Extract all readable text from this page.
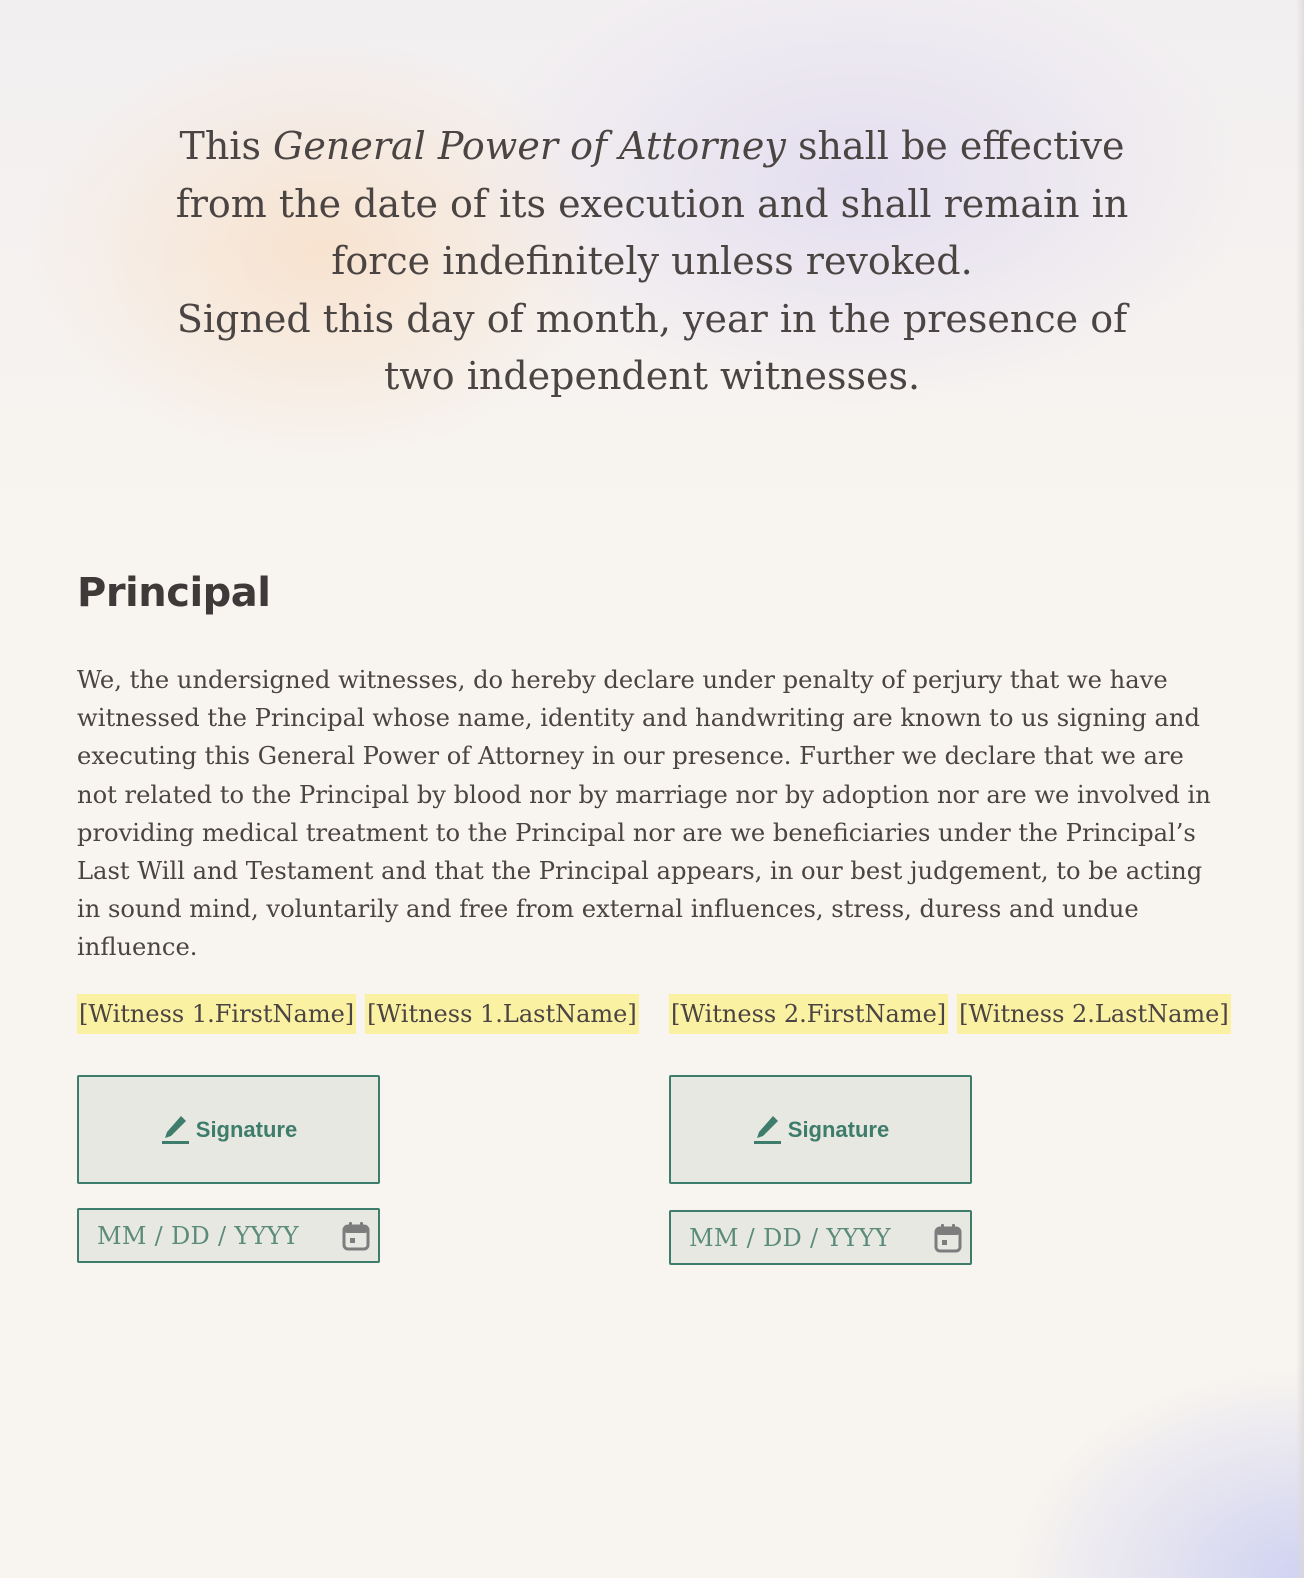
This General Power of Attorney shall be effective from the date of its execution and shall remain in force indefinitely unless revoked.

Signed this day of month, year in the presence of two independent witnesses.

Principal

We, the undersigned witnesses, do hereby declare under penalty of perjury that we have witnessed the Principal whose name, identity and handwriting are known to us signing and executing this General Power of Attorney in our presence. Further we declare that we are not related to the Principal by blood nor by marriage nor by adoption nor are we involved in providing medical treatment to the Principal nor are we beneficiaries under the Principal’s Last Will and Testament and that the Principal appears, in our best judgement, to be acting in sound mind, voluntarily and free from external influences, stress, duress and undue influence.

[Witness 1.FirstName] [Witness 1.LastName]
Signature
MM / DD / YYYY
[Witness 2.FirstName] [Witness 2.LastName]
Signature
MM / DD / YYYY
